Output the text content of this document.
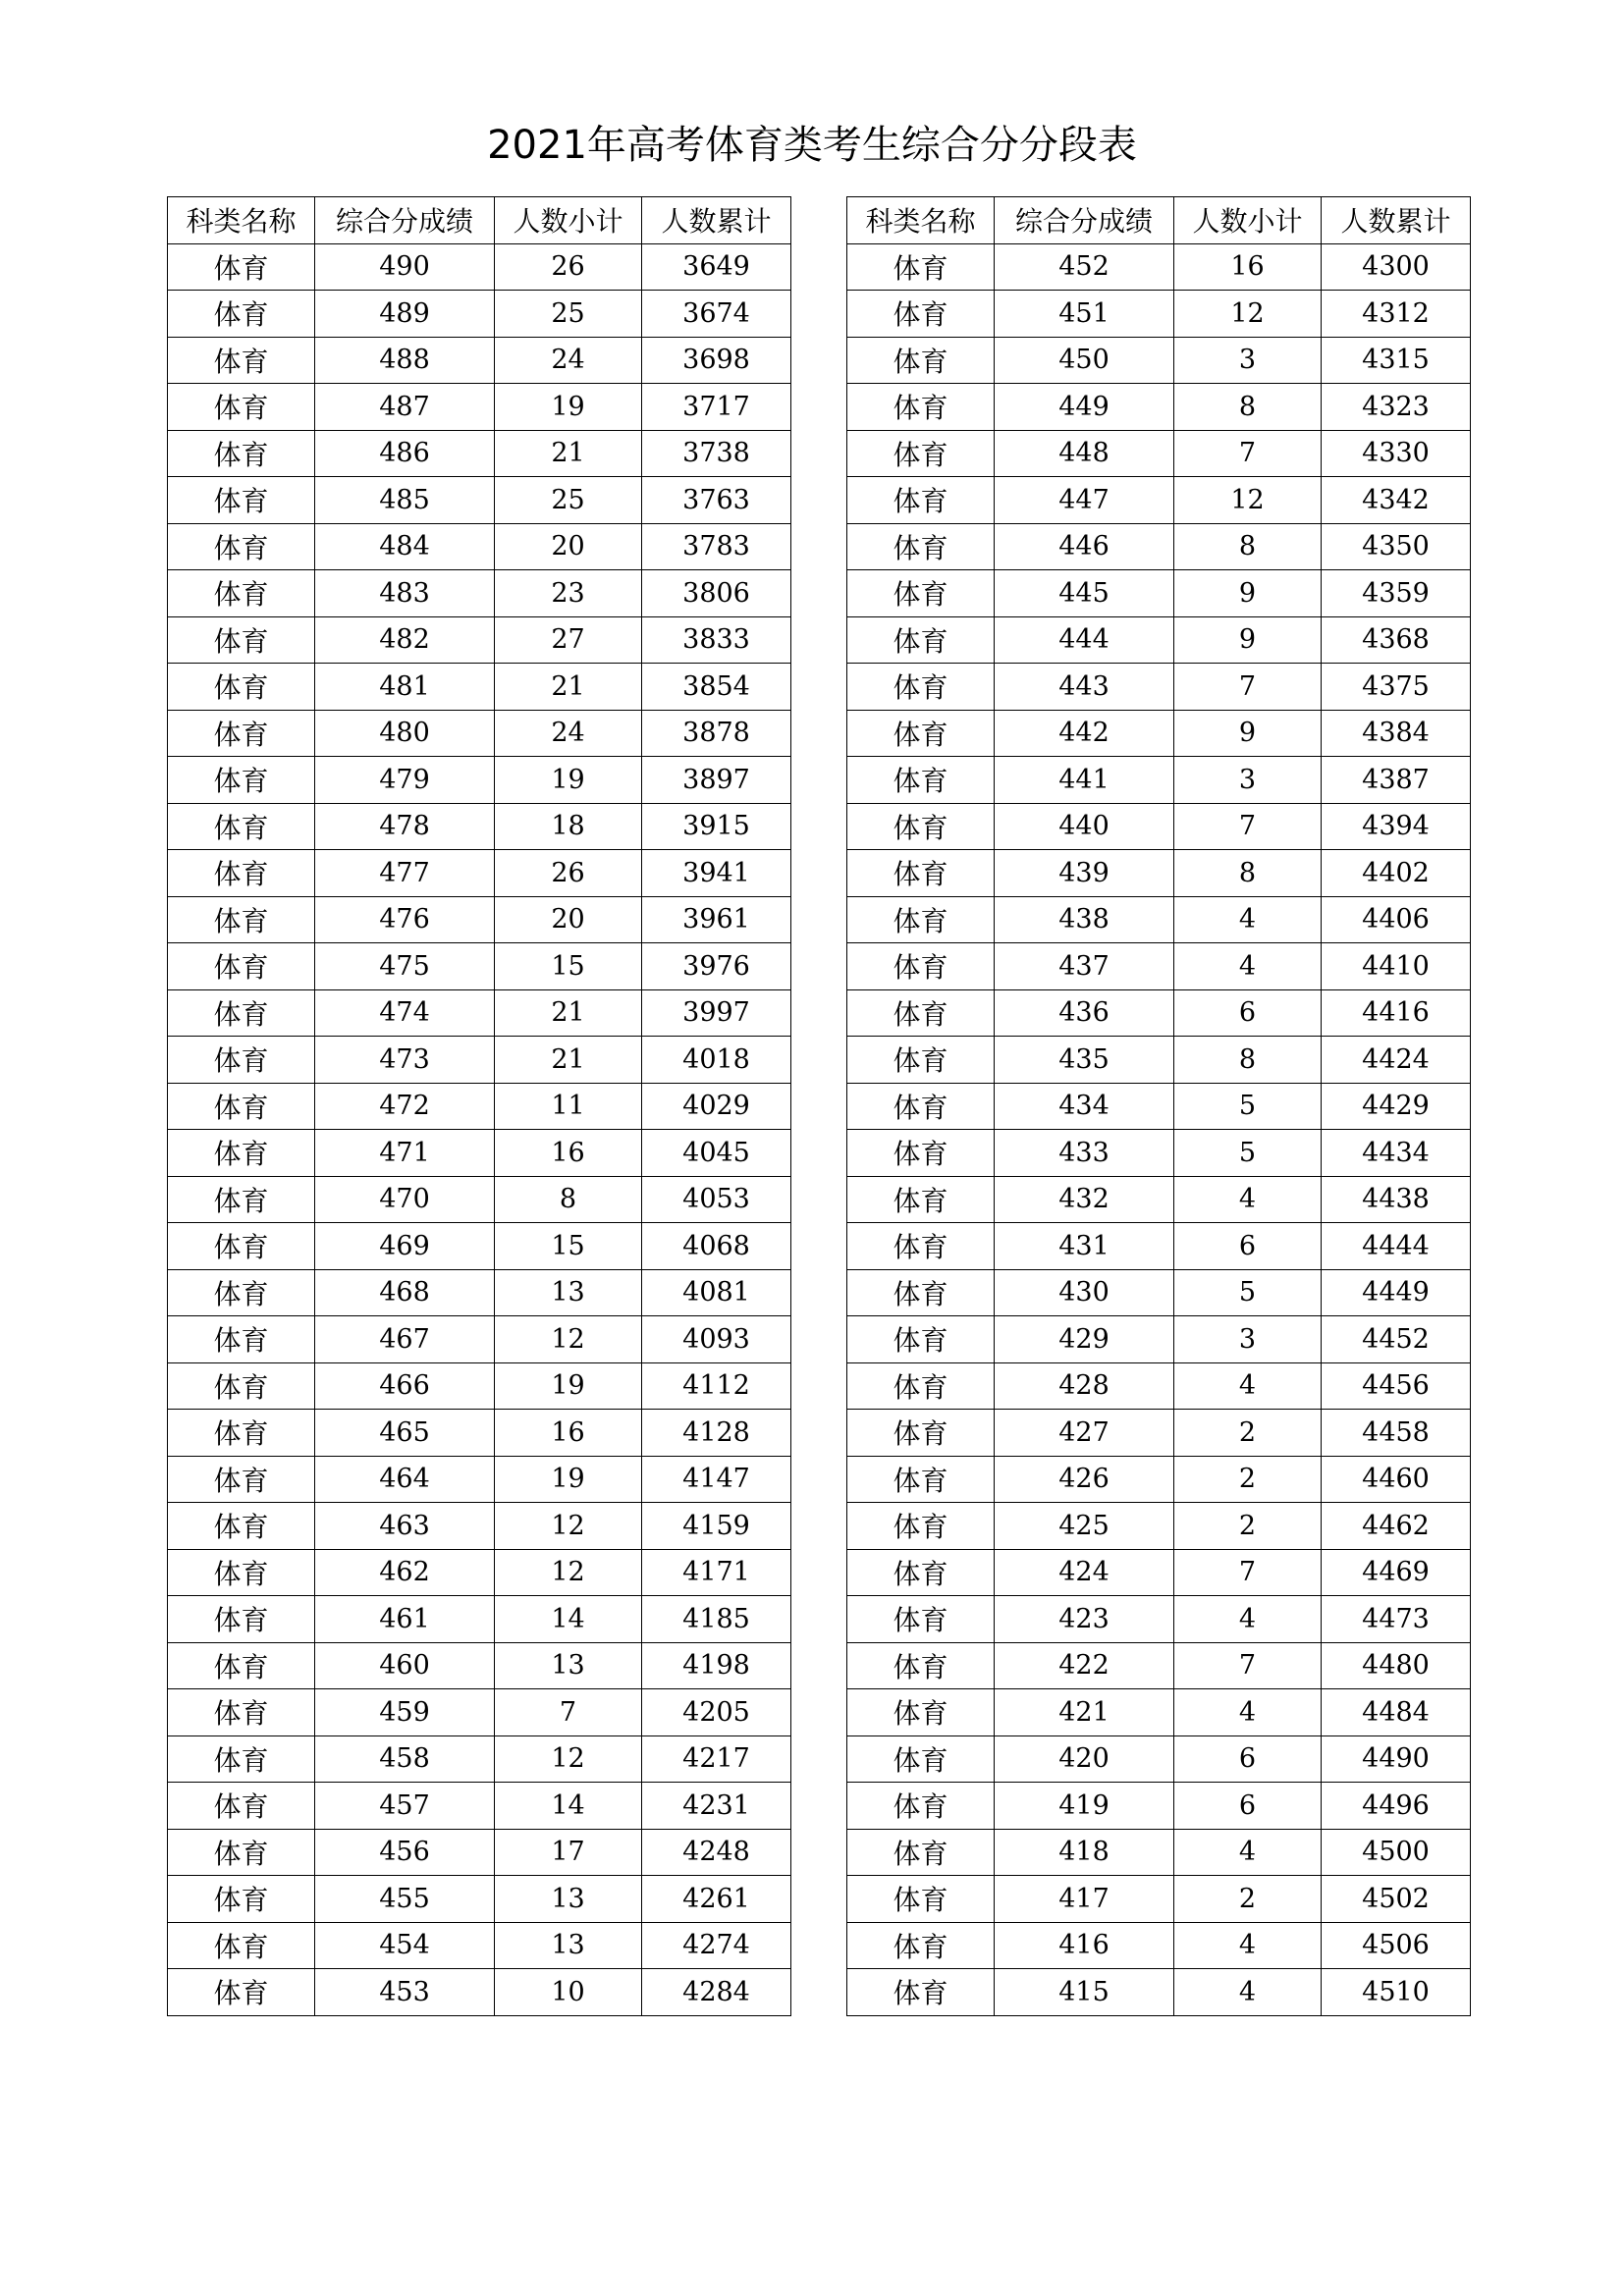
2021年高考体育类考生综合分分段表
科类名称	综合分成绩	人数小计	人数累计
体育	490	26	3649
体育	489	25	3674
体育	488	24	3698
体育	487	19	3717
体育	486	21	3738
体育	485	25	3763
体育	484	20	3783
体育	483	23	3806
体育	482	27	3833
体育	481	21	3854
体育	480	24	3878
体育	479	19	3897
体育	478	18	3915
体育	477	26	3941
体育	476	20	3961
体育	475	15	3976
体育	474	21	3997
体育	473	21	4018
体育	472	11	4029
体育	471	16	4045
体育	470	8	4053
体育	469	15	4068
体育	468	13	4081
体育	467	12	4093
体育	466	19	4112
体育	465	16	4128
体育	464	19	4147
体育	463	12	4159
体育	462	12	4171
体育	461	14	4185
体育	460	13	4198
体育	459	7	4205
体育	458	12	4217
体育	457	14	4231
体育	456	17	4248
体育	455	13	4261
体育	454	13	4274
体育	453	10	4284
科类名称	综合分成绩	人数小计	人数累计
体育	452	16	4300
体育	451	12	4312
体育	450	3	4315
体育	449	8	4323
体育	448	7	4330
体育	447	12	4342
体育	446	8	4350
体育	445	9	4359
体育	444	9	4368
体育	443	7	4375
体育	442	9	4384
体育	441	3	4387
体育	440	7	4394
体育	439	8	4402
体育	438	4	4406
体育	437	4	4410
体育	436	6	4416
体育	435	8	4424
体育	434	5	4429
体育	433	5	4434
体育	432	4	4438
体育	431	6	4444
体育	430	5	4449
体育	429	3	4452
体育	428	4	4456
体育	427	2	4458
体育	426	2	4460
体育	425	2	4462
体育	424	7	4469
体育	423	4	4473
体育	422	7	4480
体育	421	4	4484
体育	420	6	4490
体育	419	6	4496
体育	418	4	4500
体育	417	2	4502
体育	416	4	4506
体育	415	4	4510
